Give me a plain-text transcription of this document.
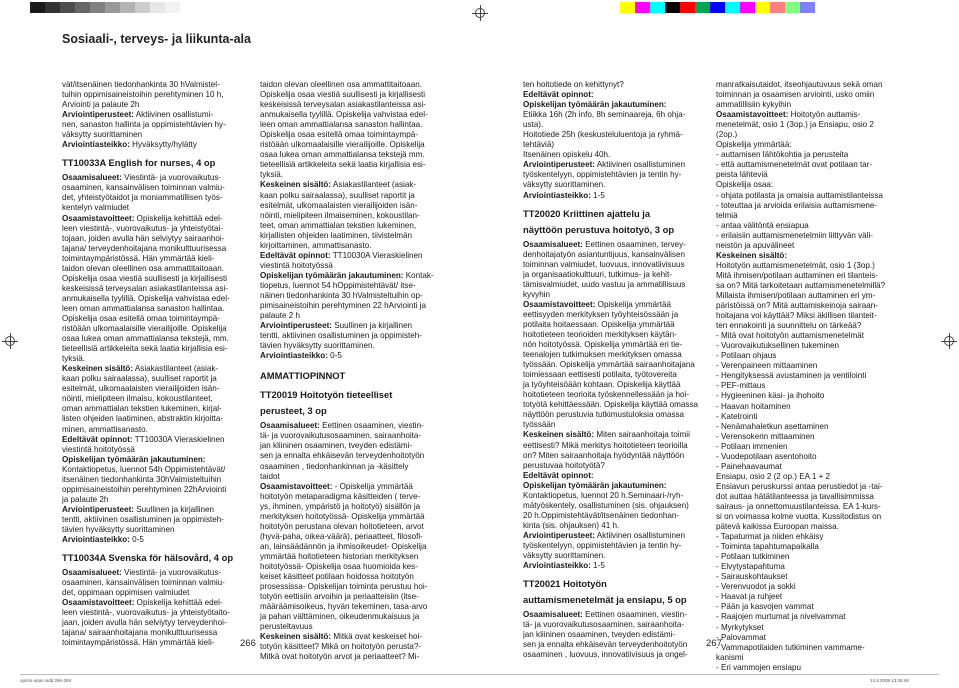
Sosiaali-, terveys- ja liikunta-ala

vät/itsenäinen tiedonhankinta 30 hValmistel-

tuihin oppimisaineistoihin perehtyminen 10 h,

Arviointi ja palaute 2h

Arviointiperusteet: Aktiivinen osallistumi-

nen, sanaston hallinta ja oppimistehtävien hy-

väksytty suorittaminen

Arviointiasteikko: Hyväksytty/hylätty

TT10033A English for nurses, 4 op

Osaamisalueet: Viestintä- ja vuorovaikutus-

osaaminen, kansainvälisen toiminnan valmiu-

det, yhteistyötaidot ja moniammatillisen työs-

kentelyn valmiudet

Osaamistavoitteet: Opiskelija kehittää edel-

leen viestintä-, vuorovaikutus- ja yhteistyötai-

tojaan, joiden avulla hän selviytyy sairaanhoi-

tajana/ terveydenhoitajana monikulttuurisessa

toimintaympäristössä. Hän ymmärtää kieli-

taidon olevan oleellinen osa ammattitaitoaan.

Opiskelija osaa viestiä suullisesti ja kirjallisesti

keskeisissä terveysalan asiakastilanteissa asi-

anmukaisella tyylillä. Opiskelija vahvistaa edel-

leen oman ammattialansa sanaston hallintaa.

Opiskelija osaa esitellä omaa toimintaympä-

ristöään ulkomaalaisille vierailijoille. Opiskelija

osaa lukea oman ammattialansa tekstejä, mm.

tieteellisiä artikkeleita sekä laatia kirjallisia esi-

tyksiä.

Keskeinen sisältö: Asiakastilanteet (asiak-

kaan polku sairaalassa), suulliset raportit ja

esitelmät, ulkomaalaisten vierailijoiden isän-

nöinti, mielipiteen ilmaisu, kokoustilanteet,

oman ammattialan tekstien lukeminen, kirjal-

listen ohjeiden laatiminen, abstraktin kirjoitta-

minen, ammattisanasto.

Edeltävät opinnot: TT10030A Vieraskielinen

viestintä hoitotyössä

Opiskelijan työmäärän jakautuminen:

Kontaktiopetus, luennot 54h Oppimistehtävät/

itsenäinen tiedonhankinta 30hValmisteltuihin

oppimisaineistoihin perehtyminen 22hArviointi

ja palaute 2h

Arviointiperusteet: Suullinen ja kirjallinen

tentti, aktiivinen osallistuminen ja oppimisteh-

tävien hyväksytty suorittaminen

Arviointiasteikko: 0-5

TT10034A Svenska för hälsovård, 4 op

Osaamisalueet: Viestintä- ja vuorovaikutus-

osaaminen, kansainvälisen toiminnan valmiu-

det, oppimaan oppimisen valmiudet

Osaamistavoitteet: Opiskelija kehittää edel-

leen viestintä-, vuorovaikutus- ja yhteistyötaito-

jaan, joiden avulla hän selviytyy terveydenhoi-

tajana/ sairaanhoitajana monikulttuurisessa

toimintaympäristössä. Hän ymmärtää kieli-

taidon olevan oleellinen osa ammattitaitoaan.

Opiskelija osaa viestiä suullisesti ja kirjallisesti

keskeisissä terveysalan asiakastilanteissa asi-

anmukaisella tyylillä. Opiskelija vahvistaa edel-

leen oman ammattialansa sanaston hallintaa.

Opiskelija osaa esitellä omaa toimintaympä-

ristöään ulkomaalaisille vierailijoille. Opiskelija

osaa lukea oman ammattialansa tekstejä mm.

tieteellisiä artikkeleita sekä laatia kirjallisia esi-

tyksiä.

Keskeinen sisältö: Asiakastilanteet (asiak-

kaan polku sairaalassa), suulliset raportit ja

esitelmät, ulkomaalaisten vierailijoiden isän-

nöinti, mielipiteen ilmaiseminen, kokoustilan-

teet, oman ammattialan tekstien lukeminen,

kirjallisten ohjeiden laatiminen, tiivistelmän

kirjoittaminen, ammattisanasto.

Edeltävät opinnot: TT10030A Vieraskielinen

viestintä hoitotyössä

Opiskelijan työmäärän jakautuminen: Kontak-

tiopetus, luennot 54 hOppimistehtävät/ itse-

näinen tiedonhankinta 30 hValmisteltuihin op-

pimisaineistoihin perehtyminen 22 hArviointi ja

palaute 2 h

Arviointiperusteet: Suullinen ja kirjallinen

tentti, aktiivinen osallistuminen ja oppimisteh-

tävien hyväksytty suorittaminen.

Arviointiasteikko: 0-5

AMMATTIOPINNOT

TT20019 Hoitotyön tieteelliset

perusteet, 3 op

Osaamisalueet: Eettinen osaaminen, viestin-

tä- ja vuorovaikutusosaaminen, sairaanhoita-

jan kliininen osaaminen, tveyden edistämi-

sen ja ennalta ehkäisevän terveydenhoitotyön

osaaminen , tiedonhankinnan ja -käsittely

taidot

Osaamistavoitteet: - Opiskelija ymmärtää

hoitotyön metaparadigma käsitteiden ( terve-

ys, ihminen, ympäristö ja hoitotyö) sisällön ja

merkityksen hoitotyössä- Opiskelija ymmärtää

hoitotyön perustana olevan hoitotieteen, arvot

(hyvä-paha, oikea-väärä), periaatteet, filosofi-

an, lainsäädännön ja ihmisoikeudet- Opiskelija

ymmärtää hoitotieteen historian merkityksen

hoitotyössä- Opiskelija osaa huomioida kes-

keiset käsitteet potilaan hoidossa hoitotyön

prosessissa- Opiskelijan toiminta perustuu hoi-

totyön eettisiin arvoihin ja periaatteisiin (itse-

määräämisoikeus, hyvän tekeminen, tasa-arvo

ja pahan välttäminen, oikeudenmukaisuus ja

perusteltavuus

Keskeinen sisältö: Mitkä ovat keskeiset hoi-

totyön käsitteet? Mikä on hoitotyön perusta?-

Mitkä ovat hoitotyön arvot ja periaatteet? Mi-

ten hoitotiede on kehittynyt?

Edeltävät opinnot:

Opiskelijan työmäärän jakautuminen:

Etiikka 16h (2h info, 8h seminaareja, 6h ohja-

usta).

Hoitotiede 25h (keskusteluluentoja ja ryhmä-

tehtäviä)

Itsenäinen opiskelu 40h.

Arviointiperusteet: Aktiivinen osallistuminen

työskentelyyn, oppimistehtävien ja tentin hy-

väksytty suorittaminen.

Arviointiasteikko: 1-5

TT20020 Kriittinen ajattelu ja

näyttöön perustuva hoitotyö, 3 op

Osaamisalueet: Eettinen osaaminen, tervey-

denhoitajatyön asiantuntijuus, kansainvälisen

toiminnan valmiudet, luovuus, innovatiivisuus

ja organisaatiokulttuuri, tutkimus- ja kehit-

tämisvalmiudet, uudo vastuu ja ammatillisuus

kyvyhin

Osaamistavoitteet: Opiskelija ymmärtää

eettisyyden merkityksen työyhteisössään ja

potilaita hoitaessaan. Opiskelija ymmärtää

hoitotieteen teorioiden merkityksen käytän-

nön hoitotyössä. Opiskelija ymmärtää eri tie-

teenalojen tutkimuksen merkityksen omassa

työssään. Opiskelija ymmärtää sairaanhoitajana

toimiessaan eettisesti potilaita, työtovereita

ja työyhteisöään kohtaan. Opiskelija käyttää

hoitotieteen teorioita työskennellessään ja hoi-

totyötä kehittäessään. Opiskelija käyttää omassa

näyttöön perustuvia tutkimustuloksia omassa

työssään

Keskeinen sisältö: Miten sairaanhoitaja toimii

eettisesti? Mikä merkitys hoitotieteen teorioilla

on? Miten sairaanhoitaja hyödyntää näyttöön

perustuvaa hoitotyötä?

Edeltävät opinnot:

Opiskelijan työmäärän jakautuminen:

Kontaktiopetus, luennot 20 h.Seminaari-/ryh-

mätyöskentely, osallistuminen (sis. ohjauksen)

20 h.Oppimistehtävät/itsenäinen tiedonhan-

kinta (sis. ohjauksen) 41 h.

Arviointiperusteet: Aktiivinen osallistuminen

työskentelyyn, oppimistehtävien ja tentin hy-

väksytty suorittaminen.

Arviointiasteikko: 1-5

TT20021 Hoitotyön

auttamismenetelmät ja ensiapu, 5 op

Osaamisalueet: Eettinen osaaminen, viestin-

tä- ja vuorovaikutusosaaminen, sairaanhoita-

jan kliininen osaaminen, tveyden edistämi-

sen ja ennalta ehkäisevän terveydenhoitotyön

osaaminen , luovuus, innovatiivisuus ja ongel-

manratkaisutaidot, itseohjautuvuus sekä oman

toiminnan ja osaamisen arviointi, usko omiin

ammatillisiin kykyihin

Osaamistavoitteet: Hoitotyön auttamis-

menetelmät, osio 1 (3op.) ja Ensiapu, osio 2

(2op.)

Opiskelija ymmärtää:

- auttamisen lähtökohtia ja perusteita

- että auttamismenetelmät ovat potilaan tar-

peista lähteviä

Opiskelija osaa:

- ohjata potilasta ja omaisia auttamistilanteissa

- toteuttaa ja arvioida erilaisia auttamismene-

telmiä

- antaa välitöntä ensiapua

- erilaisiin auttamismenetelmiin liittyvän väli-

neistön ja apuvälineet

Keskeinen sisältö:

Hoitotyön auttamismenetelmät, osio 1 (3op.)

Mitä ihmisen/potilaan auttaminen eri tilanteis-

sa on? Mitä tarkoitetaan auttamismenetelmillä?

Millaista ihmisen/potilaan auttaminen eri ym-

päristöissä on? Mitä auttamiskeinoja sairaan-

hoitajana voi käyttää? Miksi äkillisen tilanteit-

ten ennakointi ja suunnittelu on tärkeää?

- Mitä ovat hoitotyön auttamismenetelmät

- Vuorovaikutuksellinen tukeminen

- Potilaan ohjaus

- Verenpaineen mittaaminen

- Hengityksessä avustaminen ja ventilointi

- PEF-mittaus

- Hygieeninen käsi- ja ihohoito

- Haavan hoitaminen

- Katetrointi

- Nenämahaletkun asettaminen

- Verensokerin mittaaminen

- Potilaan immenien

- Vuodepotilaan asentohoito

- Painehaavaumat

Ensiapu, osio 2 (2 op.) EA 1 + 2

Ensiavun peruskurssi antaa perustiedot ja -tai-

dot auttaa hätätilanteessa ja tavallisimmissa

sairaus- ja onnettomuustilanteissa. EA 1-kurs-

si on voimassa kolme vuotta. Kussitodistus on

pätevä kaikissa Euroopan maissa.

- Tapaturmat ja niiden ehkäisy

- Toiminta tapahtumapaikalla

- Potilaan tutkiminen

- Elvytystapahtuma

- Sairauskohtaukset

- Verenvuodot ja sokki

- Haavat ja ruhjeet

- Pään ja kasvojen vammat

- Raajojen murtumat ja nivelvammat

- Myrkytykset

- Palovammat

- Vammapotilaiden tutkiminen vammame-

kanismi

- Eri vammojen ensiapu

266	267
opinto-opas.indd 266-269	12.8.2008 13:26:48
